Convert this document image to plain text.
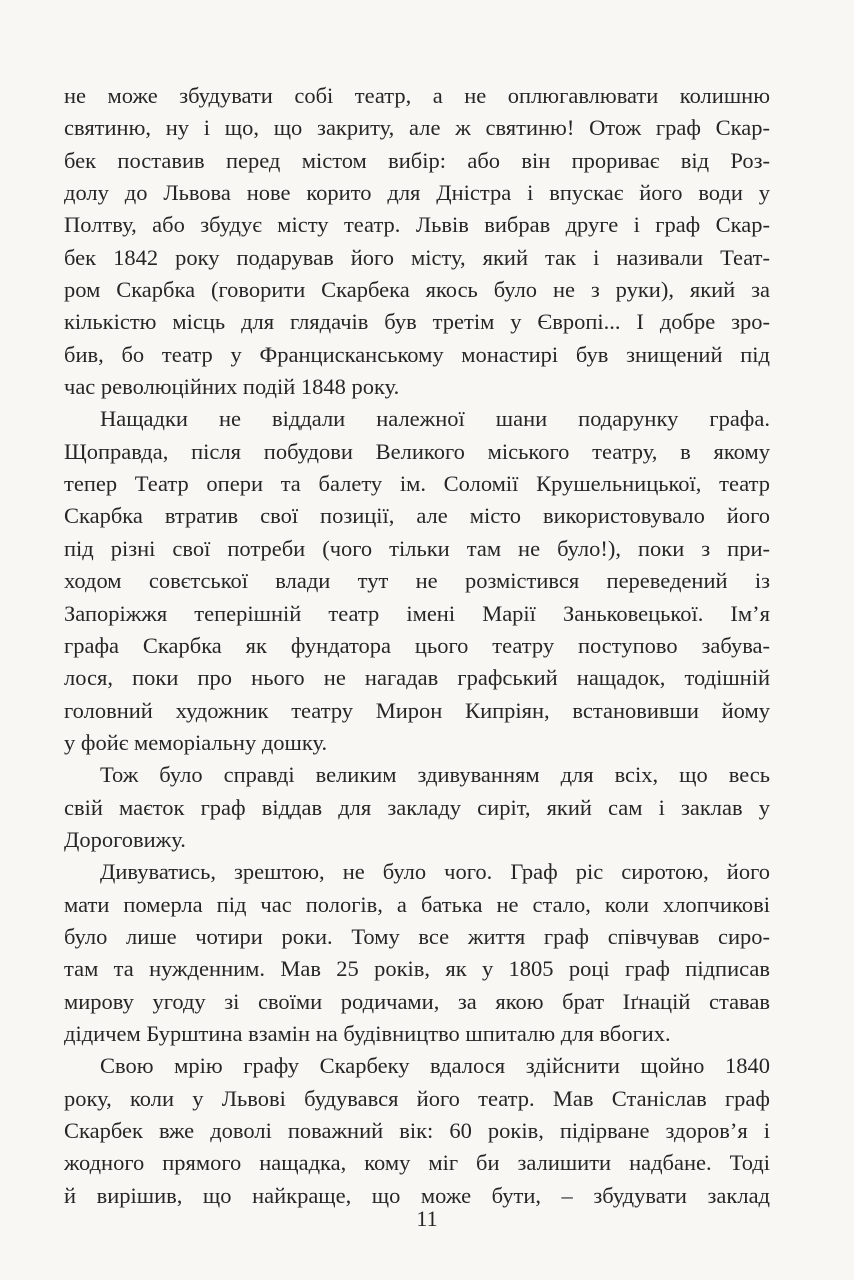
не може збудувати собі театр, а не оплюгавлювати колишню
святиню, ну і що, що закриту, але ж святиню! Отож граф Скар-
бек поставив перед містом вибір: або він прориває від Роз-
долу до Львова нове корито для Дністра і впускає його води у
Полтву, або збудує місту театр. Львів вибрав друге і граф Скар-
бек 1842 року подарував його місту, який так і називали Теат-
ром Скарбка (говорити Скарбека якось було не з руки), який за
кількістю місць для глядачів був третім у Європі... І добре зро-
бив, бо театр у Францисканському монастирі був знищений під
час революційних подій 1848 року.
Нащадки не віддали належної шани подарунку графа.
Щоправда, після побудови Великого міського театру, в якому
тепер Театр опери та балету ім. Соломії Крушельницької, театр
Скарбка втратив свої позиції, але місто використовувало його
під різні свої потреби (чого тільки там не було!), поки з при-
ходом совєтської влади тут не розмістився переведений із
Запоріжжя теперішній театр імені Марії Заньковецької. Ім’я
графа Скарбка як фундатора цього театру поступово забува-
лося, поки про нього не нагадав графський нащадок, тодішній
головний художник театру Мирон Кипріян, встановивши йому
у фойє меморіальну дошку.
Тож було справді великим здивуванням для всіх, що весь
свій маєток граф віддав для закладу сиріт, який сам і заклав у
Дороговижу.
Дивуватись, зрештою, не було чого. Граф ріс сиротою, його
мати померла під час пологів, а батька не стало, коли хлопчикові
було лише чотири роки. Тому все життя граф співчував сиро-
там та нужденним. Мав 25 років, як у 1805 році граф підписав
мирову угоду зі своїми родичами, за якою брат Іґнацій ставав
дідичем Бурштина взамін на будівництво шпиталю для вбогих.
Свою мрію графу Скарбеку вдалося здійснити щойно 1840
року, коли у Львові будувався його театр. Мав Станіслав граф
Скарбек вже доволі поважний вік: 60 років, підірване здоров’я і
жодного прямого нащадка, кому міг би залишити надбане. Тоді
й вирішив, що найкраще, що може бути, – збудувати заклад
11
